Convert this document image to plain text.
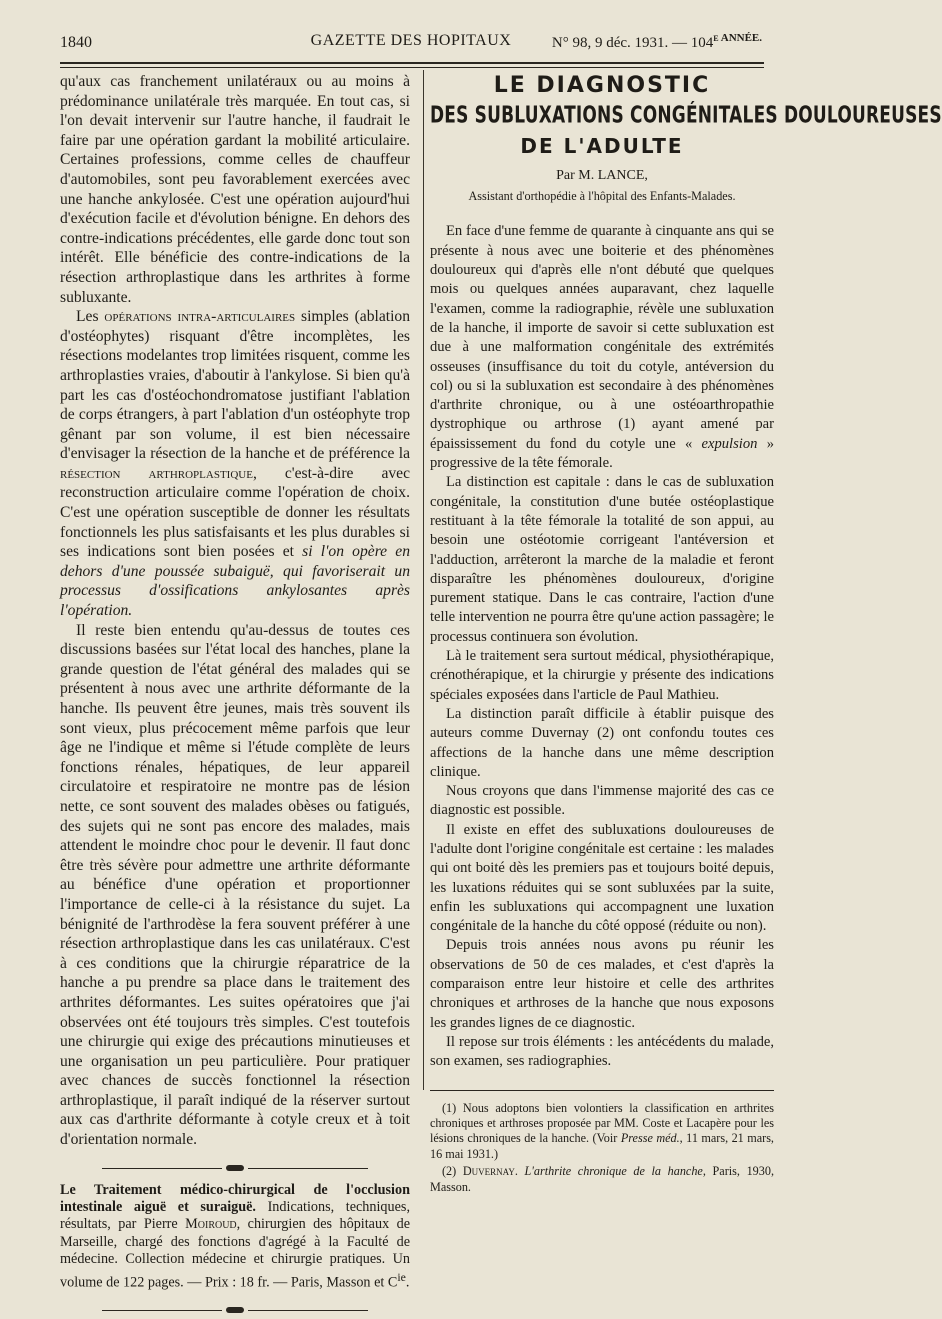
1840	GAZETTE DES HOPITAUX	N° 98, 9 déc. 1931. — $104^{e ANNÉE.}$

qu'aux cas franchement unilatéraux ou au moins à prédominance unilatérale très marquée. En tout cas, si l'on devait intervenir sur l'autre hanche, il faudrait le faire par une opération gardant la mobilité articulaire. Certaines professions, comme celles de chauffeur d'automobiles, sont peu favorablement exercées avec une hanche ankylosée. C'est une opération aujourd'hui d'exécution facile et d'évolution bénigne. En dehors des contre-indications précédentes, elle garde donc tout son intérêt. Elle bénéficie des contre-indications de la résection arthroplastique dans les arthrites à forme subluxante.

Les opérations intra-articulaires simples (ablation d'ostéophytes) risquant d'être incomplètes, les résections modelantes trop limitées risquent, comme les arthroplasties vraies, d'aboutir à l'ankylose. Si bien qu'à part les cas d'ostéochondromatose justifiant l'ablation de corps étrangers, à part l'ablation d'un ostéophyte trop gênant par son volume, il est bien nécessaire d'envisager la résection de la hanche et de préférence la résection arthroplastique, c'est-à-dire avec reconstruction articulaire comme l'opération de choix. C'est une opération susceptible de donner les résultats fonctionnels les plus satisfaisants et les plus durables si ses indications sont bien posées et si l'on opère en dehors d'une poussée subaiguë, qui favoriserait un processus d'ossifications ankylosantes après l'opération.

Il reste bien entendu qu'au-dessus de toutes ces discussions basées sur l'état local des hanches, plane la grande question de l'état général des malades qui se présentent à nous avec une arthrite déformante de la hanche. Ils peuvent être jeunes, mais très souvent ils sont vieux, plus précocement même parfois que leur âge ne l'indique et même si l'étude complète de leurs fonctions rénales, hépatiques, de leur appareil circulatoire et respiratoire ne montre pas de lésion nette, ce sont souvent des malades obèses ou fatigués, des sujets qui ne sont pas encore des malades, mais attendent le moindre choc pour le devenir. Il faut donc être très sévère pour admettre une arthrite déformante au bénéfice d'une opération et proportionner l'importance de celle-ci à la résistance du sujet. La bénignité de l'arthrodèse la fera souvent préférer à une résection arthroplastique dans les cas unilatéraux. C'est à ces conditions que la chirurgie réparatrice de la hanche a pu prendre sa place dans le traitement des arthrites déformantes. Les suites opératoires que j'ai observées ont été toujours très simples. C'est toutefois une chirurgie qui exige des précautions minutieuses et une organisation un peu particulière. Pour pratiquer avec chances de succès fonctionnel la résection arthroplastique, il paraît indiqué de la réserver surtout aux cas d'arthrite déformante à cotyle creux et à toit d'orientation normale.

Le Traitement médico-chirurgical de l'occlusion intestinale aiguë et suraiguë. Indications, techniques, résultats, par Pierre Moiroud, chirurgien des hôpitaux de Marseille, chargé des fonctions d'agrégé à la Faculté de médecine. Collection médecine et chirurgie pratiques. Un volume de 122 pages. — Prix : 18 fr. — Paris, Masson et $C^{ie}$.

LE DIAGNOSTIC
DES SUBLUXATIONS CONGÉNITALES DOULOUREUSES
DE L'ADULTE
Par M. LANCE,
Assistant d'orthopédie à l'hôpital des Enfants-Malades.

En face d'une femme de quarante à cinquante ans qui se présente à nous avec une boiterie et des phénomènes douloureux qui d'après elle n'ont débuté que quelques mois ou quelques années auparavant, chez laquelle l'examen, comme la radiographie, révèle une subluxation de la hanche, il importe de savoir si cette subluxation est due à une malformation congénitale des extrémités osseuses (insuffisance du toit du cotyle, antéversion du col) ou si la subluxation est secondaire à des phénomènes d'arthrite chronique, ou à une ostéoarthropathie dystrophique ou arthrose (1) ayant amené par épaississement du fond du cotyle une « expulsion » progressive de la tête fémorale.

La distinction est capitale : dans le cas de subluxation congénitale, la constitution d'une butée ostéoplastique restituant à la tête fémorale la totalité de son appui, au besoin une ostéotomie corrigeant l'antéversion et l'adduction, arrêteront la marche de la maladie et feront disparaître les phénomènes douloureux, d'origine purement statique. Dans le cas contraire, l'action d'une telle intervention ne pourra être qu'une action passagère; le processus continuera son évolution.

Là le traitement sera surtout médical, physiothérapique, crénothérapique, et la chirurgie y présente des indications spéciales exposées dans l'article de Paul Mathieu.

La distinction paraît difficile à établir puisque des auteurs comme Duvernay (2) ont confondu toutes ces affections de la hanche dans une même description clinique.

Nous croyons que dans l'immense majorité des cas ce diagnostic est possible.

Il existe en effet des subluxations douloureuses de l'adulte dont l'origine congénitale est certaine : les malades qui ont boité dès les premiers pas et toujours boité depuis, les luxations réduites qui se sont subluxées par la suite, enfin les subluxations qui accompagnent une luxation congénitale de la hanche du côté opposé (réduite ou non).

Depuis trois années nous avons pu réunir les observations de 50 de ces malades, et c'est d'après la comparaison entre leur histoire et celle des arthrites chroniques et arthroses de la hanche que nous exposons les grandes lignes de ce diagnostic.

Il repose sur trois éléments : les antécédents du malade, son examen, ses radiographies.

(1) Nous adoptons bien volontiers la classification en arthrites chroniques et arthroses proposée par MM. Coste et Lacapère pour les lésions chroniques de la hanche. (Voir Presse méd., 11 mars, 21 mars, 16 mai 1931.)

(2) Duvernay. L'arthrite chronique de la hanche, Paris, 1930, Masson.
